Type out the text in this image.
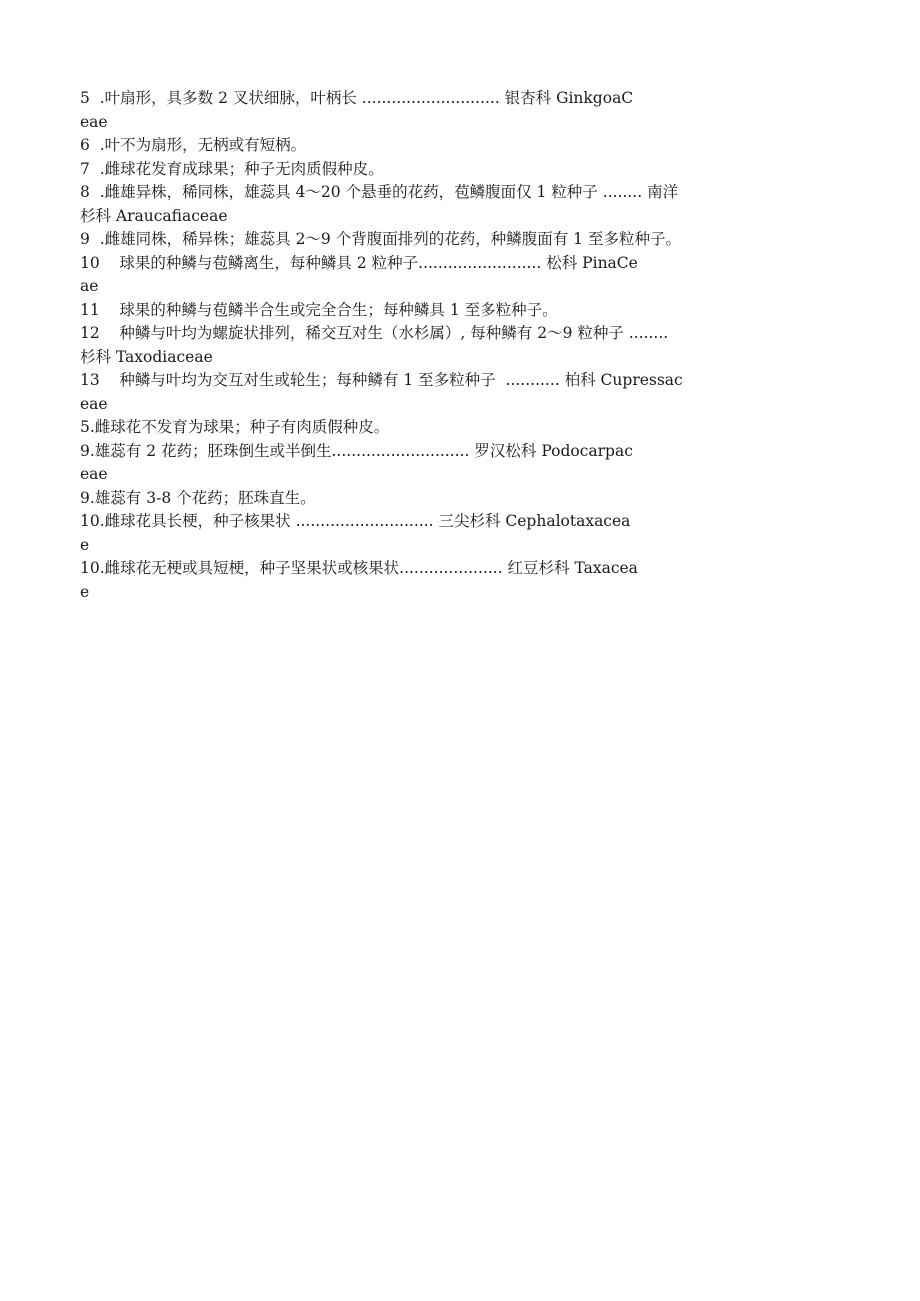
5  .叶扇形，具多数 2 叉状细脉，叶柄长 ............................ 银杏科 GinkgoaC
eae
6  .叶不为扇形，无柄或有短柄。
7  .雌球花发育成球果；种子无肉质假种皮。
8  .雌雄异株，稀同株，雄蕊具 4～20 个悬垂的花药，苞鳞腹面仅 1 粒种子 ........ 南洋
杉科 Araucafiaceae
9  .雌雄同株，稀异株；雄蕊具 2～9 个背腹面排列的花药，种鳞腹面有 1 至多粒种子。
10    球果的种鳞与苞鳞离生，每种鳞具 2 粒种子......................... 松科 PinaCe
ae
11    球果的种鳞与苞鳞半合生或完全合生；每种鳞具 1 至多粒种子。
12    种鳞与叶均为螺旋状排列，稀交互对生（水杉属）, 每种鳞有 2～9 粒种子 ........
杉科 Taxodiaceae
13    种鳞与叶均为交互对生或轮生；每种鳞有 1 至多粒种子  ........... 柏科 Cupressac
eae
5.雌球花不发育为球果；种子有肉质假种皮。
9.雄蕊有 2 花药；胚珠倒生或半倒生............................ 罗汉松科 Podocarpac
eae
9.雄蕊有 3-8 个花药；胚珠直生。
10.雌球花具长梗，种子核果状 ............................ 三尖杉科 Cephalotaxacea
e
10.雌球花无梗或具短梗，种子坚果状或核果状..................... 红豆杉科 Taxacea
e
